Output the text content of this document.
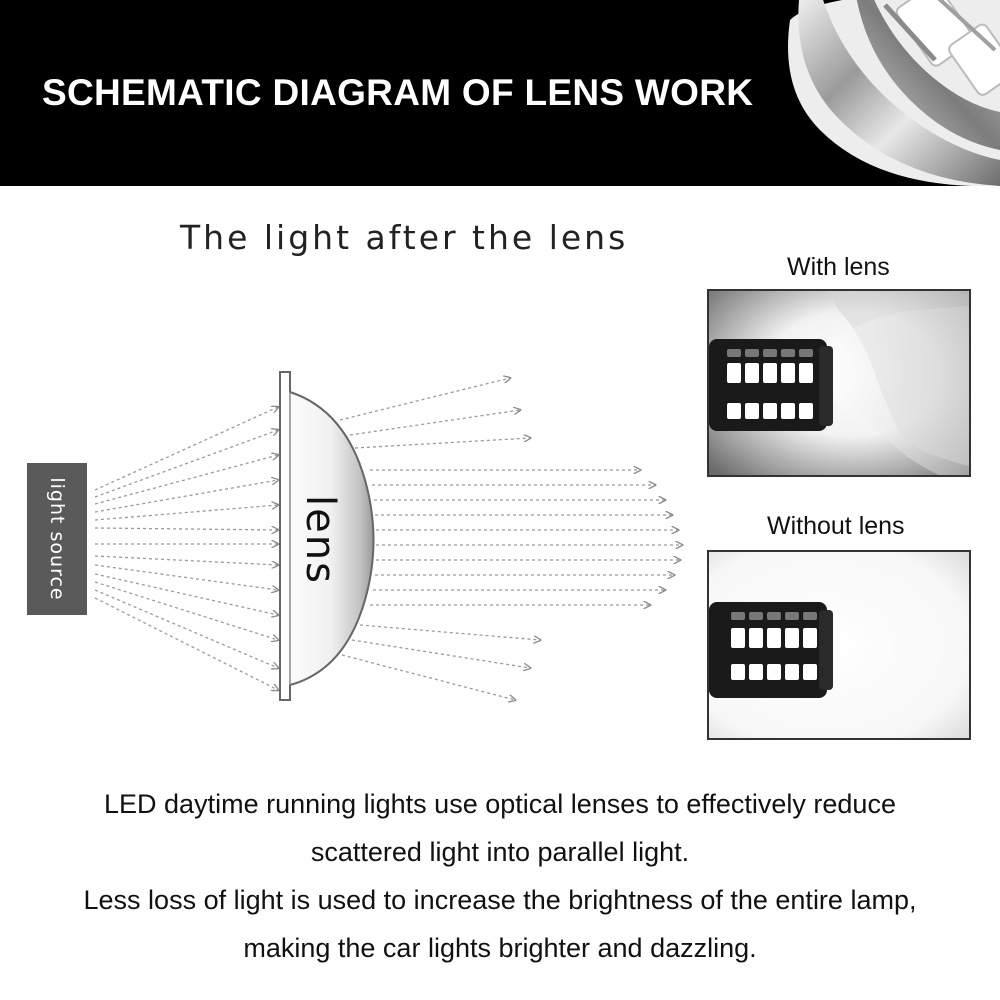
SCHEMATIC DIAGRAM OF LENS WORK
The light after the lens
light source	lens
With lens
Without lens
LED daytime running lights use optical lenses to effectively reduce
scattered light into parallel light.
Less loss of light is used to increase the brightness of the entire lamp,
making the car lights brighter and dazzling.
